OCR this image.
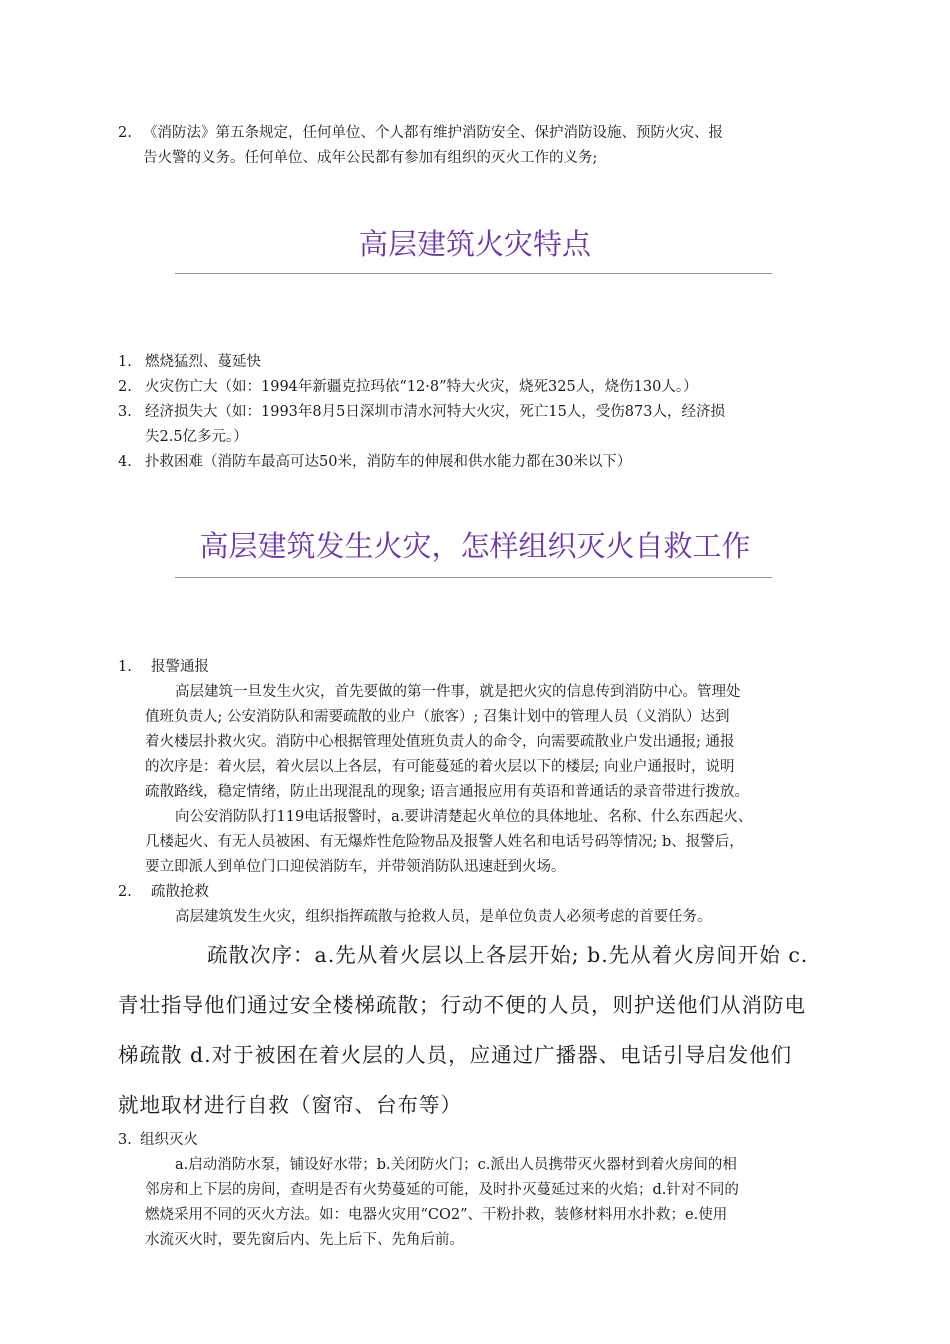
2. 《消防法》第五条规定，任何单位、个人都有维护消防安全、保护消防设施、预防火灾、报
告火警的义务。任何单位、成年公民都有参加有组织的灭火工作的义务;
高层建筑火灾特点
1. 燃烧猛烈、蔓延快
2. 火灾伤亡大（如：1994年新疆克拉玛依“12·8”特大火灾，烧死325人，烧伤130人。）
3. 经济损失大（如：1993年8月5日深圳市清水河特大火灾，死亡15人，受伤873人，经济损
失2.5亿多元。）
4. 扑救困难（消防车最高可达50米，消防车的伸展和供水能力都在30米以下）
高层建筑发生火灾，怎样组织灭火自救工作
1. 报警通报
高层建筑一旦发生火灾，首先要做的第一件事，就是把火灾的信息传到消防中心。管理处
值班负责人; 公安消防队和需要疏散的业户（旅客）; 召集计划中的管理人员（义消队）达到
着火楼层扑救火灾。消防中心根据管理处值班负责人的命令，向需要疏散业户发出通报; 通报
的次序是：着火层，着火层以上各层，有可能蔓延的着火层以下的楼层; 向业户通报时，说明
疏散路线，稳定情绪，防止出现混乱的现象; 语言通报应用有英语和普通话的录音带进行拨放。
向公安消防队打119电话报警时，a.要讲清楚起火单位的具体地址、名称、什么东西起火、
几楼起火、有无人员被困、有无爆炸性危险物品及报警人姓名和电话号码等情况; b、报警后，
要立即派人到单位门口迎侯消防车，并带领消防队迅速赶到火场。
2. 疏散抢救
高层建筑发生火灾，组织指挥疏散与抢救人员，是单位负责人必须考虑的首要任务。
疏散次序：a.先从着火层以上各层开始; b.先从着火房间开始 c.
青壮指导他们通过安全楼梯疏散；行动不便的人员，则护送他们从消防电
梯疏散 d.对于被困在着火层的人员，应通过广播器、电话引导启发他们
就地取材进行自救（窗帘、台布等）
3. 组织灭火
a.启动消防水泵，铺设好水带；b.关闭防火门；c.派出人员携带灭火器材到着火房间的相
邻房和上下层的房间，查明是否有火势蔓延的可能，及时扑灭蔓延过来的火焰；d.针对不同的
燃烧采用不同的灭火方法。如：电器火灾用“CO2”、干粉扑救，装修材料用水扑救；e.使用
水流灭火时，要先窗后内、先上后下、先角后前。
